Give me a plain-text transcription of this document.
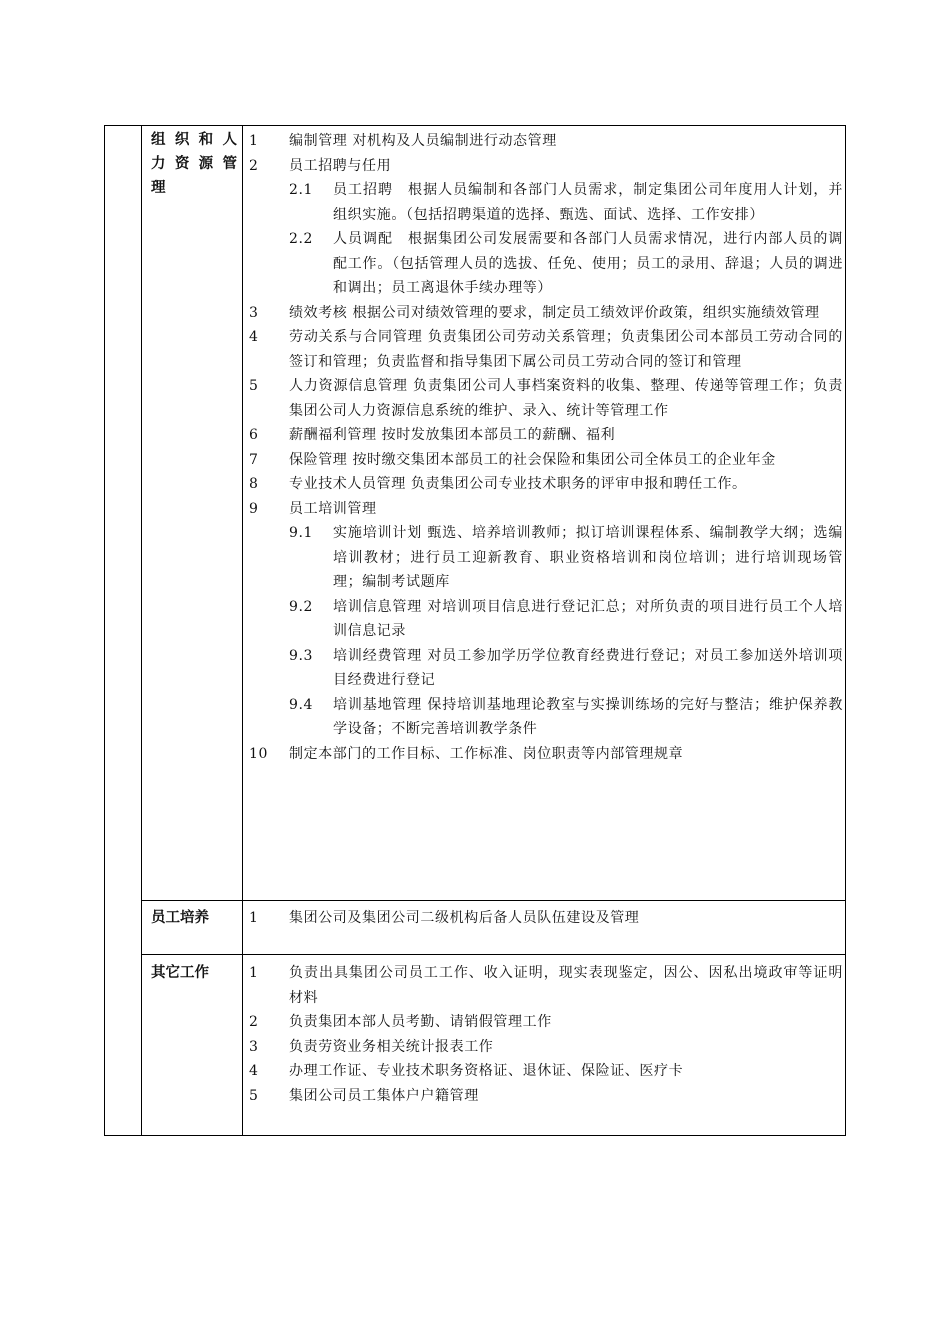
组 织 和 人
力 资 源 管
理
1 编制管理 对机构及人员编制进行动态管理
2 员工招聘与任用
2.1 员工招聘　根据人员编制和各部门人员需求，制定集团公司年度用人计划，并组织实施。（包括招聘渠道的选择、甄选、面试、选择、工作安排）
2.2 人员调配　根据集团公司发展需要和各部门人员需求情况，进行内部人员的调配工作。（包括管理人员的选拔、任免、使用；员工的录用、辞退；人员的调进和调出；员工离退休手续办理等）
3 绩效考核 根据公司对绩效管理的要求，制定员工绩效评价政策，组织实施绩效管理
4 劳动关系与合同管理 负责集团公司劳动关系管理；负责集团公司本部员工劳动合同的签订和管理；负责监督和指导集团下属公司员工劳动合同的签订和管理
5 人力资源信息管理 负责集团公司人事档案资料的收集、整理、传递等管理工作；负责集团公司人力资源信息系统的维护、录入、统计等管理工作
6 薪酬福利管理 按时发放集团本部员工的薪酬、福利
7 保险管理 按时缴交集团本部员工的社会保险和集团公司全体员工的企业年金
8 专业技术人员管理 负责集团公司专业技术职务的评审申报和聘任工作。
9 员工培训管理
9.1 实施培训计划 甄选、培养培训教师；拟订培训课程体系、编制教学大纲；选编培训教材；进行员工迎新教育、职业资格培训和岗位培训；进行培训现场管理；编制考试题库
9.2 培训信息管理 对培训项目信息进行登记汇总；对所负责的项目进行员工个人培训信息记录
9.3 培训经费管理 对员工参加学历学位教育经费进行登记；对员工参加送外培训项目经费进行登记
9.4 培训基地管理 保持培训基地理论教室与实操训练场的完好与整洁；维护保养教学设备；不断完善培训教学条件
10 制定本部门的工作目标、工作标准、岗位职责等内部管理规章
员工培养	1 集团公司及集团公司二级机构后备人员队伍建设及管理
其它工作	1 负责出具集团公司员工工作、收入证明，现实表现鉴定，因公、因私出境政审等证明材料
2 负责集团本部人员考勤、请销假管理工作
3 负责劳资业务相关统计报表工作
4 办理工作证、专业技术职务资格证、退休证、保险证、医疗卡
5 集团公司员工集体户户籍管理
